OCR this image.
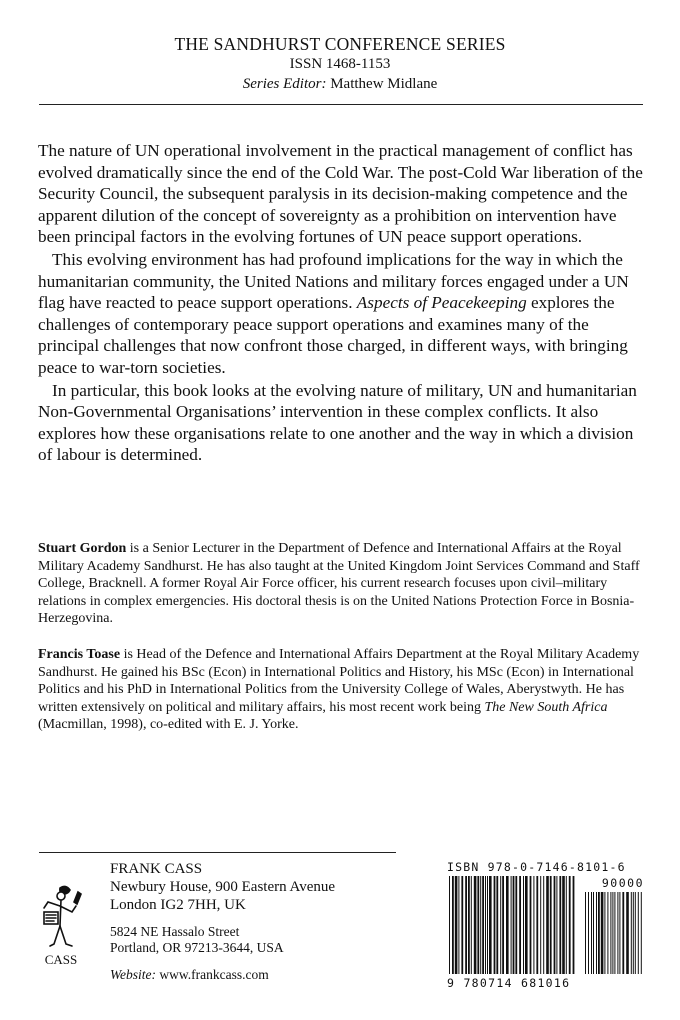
THE SANDHURST CONFERENCE SERIES
ISSN 1468-1153
Series Editor: Matthew Midlane

The nature of UN operational involvement in the practical management of conflict has evolved dramatically since the end of the Cold War. The post-Cold War liberation of the Security Council, the subsequent paralysis in its decision-making competence and the apparent dilution of the concept of sovereignty as a prohibition on intervention have been principal factors in the evolving fortunes of UN peace support operations.

This evolving environment has had profound implications for the way in which the humanitarian community, the United Nations and military forces engaged under a UN flag have reacted to peace support operations. Aspects of Peacekeeping explores the challenges of contemporary peace support operations and examines many of the principal challenges that now confront those charged, in different ways, with bringing peace to war-torn societies.

In particular, this book looks at the evolving nature of military, UN and humanitarian Non-Governmental Organisations’ intervention in these complex conflicts. It also explores how these organisations relate to one another and the way in which a division of labour is determined.

Stuart Gordon is a Senior Lecturer in the Department of Defence and International Affairs at the Royal Military Academy Sandhurst. He has also taught at the United Kingdom Joint Services Command and Staff College, Bracknell. A former Royal Air Force officer, his current research focuses upon civil–military relations in complex emergencies. His doctoral thesis is on the United Nations Protection Force in Bosnia-Herzegovina.

Francis Toase is Head of the Defence and International Affairs Department at the Royal Military Academy Sandhurst. He gained his BSc (Econ) in International Politics and History, his MSc (Econ) in International Politics and his PhD in International Politics from the University College of Wales, Aberystwyth. He has written extensively on political and military affairs, his most recent work being The New South Africa (Macmillan, 1998), co-edited with E. J. Yorke.

CASS
FRANK CASS
Newbury House, 900 Eastern Avenue
London IG2 7HH, UK
5824 NE Hassalo Street
Portland, OR 97213-3644, USA
Website: www.frankcass.com
ISBN 978-0-7146-8101-6
90000
9 780714 681016
